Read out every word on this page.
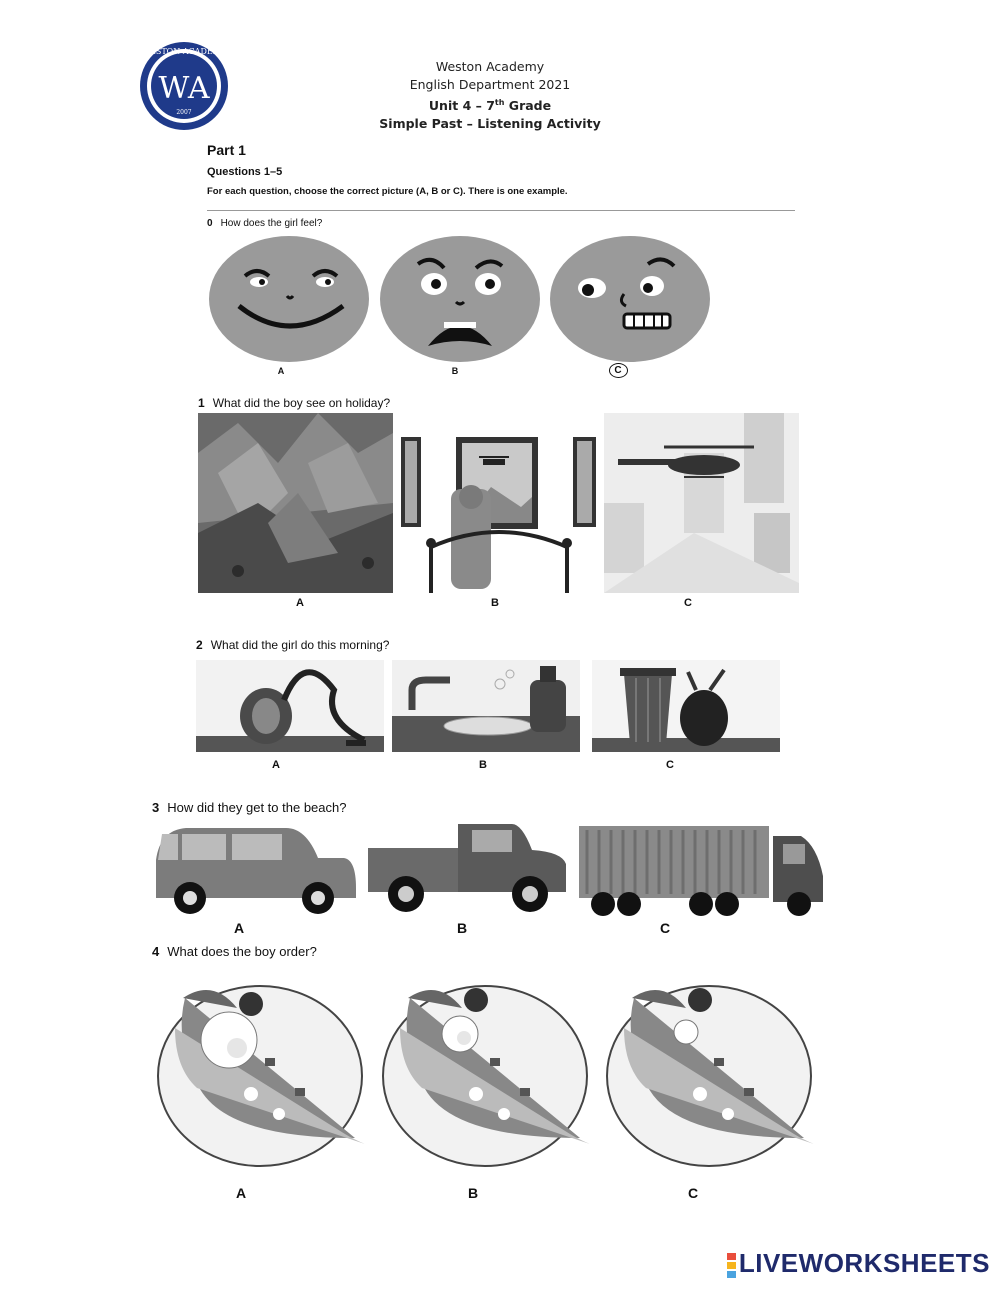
WESTON ACADEMY
WA
2007
Weston Academy
English Department 2021
Unit 4 – 7th Grade
Simple Past – Listening Activity
Part 1
Questions 1–5
For each question, choose the correct picture (A, B or C). There is one example.
0 How does the girl feel?
A	B	C
1 What did the boy see on holiday?
A	B	C
2 What did the girl do this morning?
A	B	C
3 How did they get to the beach?
A	B	C
4 What does the boy order?
A	B	C
LIVEWORKSHEETS
